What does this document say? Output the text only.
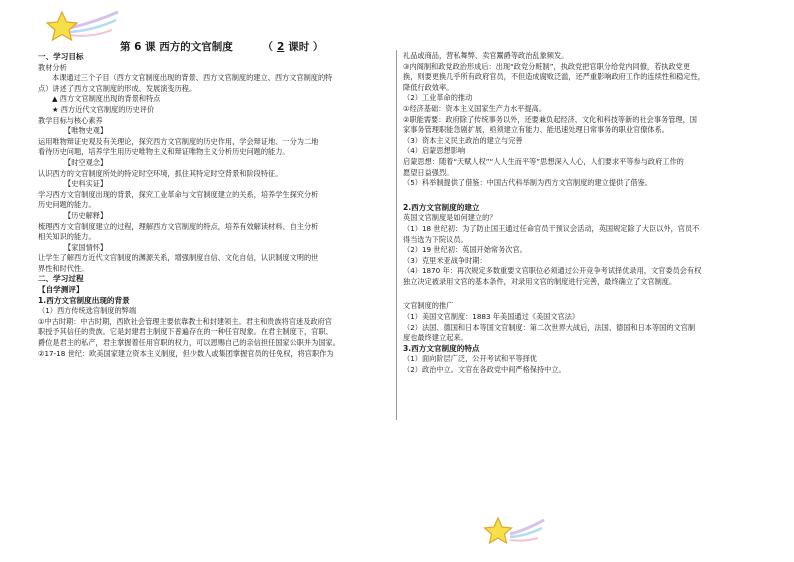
第 6 课 西方的文官制度	（ 2 课时 ）
一、学习目标
教材分析
本课通过三个子目（西方文官制度出现的背景、西方文官制度的建立、西方文官制度的特
点）讲述了西方文官制度的形成、发展演变历程。
▲ 西方文官制度出现的背景和特点
★ 西方近代文官制度的历史评价
教学目标与核心素养
【唯物史观】
运用唯物辩证史观及有关理论，探究西方文官制度的历史作用，学会辩证地、一分为二地
看待历史问题，培养学生用历史唯物主义和辩证唯物主义分析历史问题的能力。
【时空观念】
认识西方的文官制度所处的特定时空环境，抓住其特定时空背景和阶段特征。
【史料实证】
学习西方文官制度出现的背景，探究工业革命与文官制度建立的关系，培养学生探究分析
历史问题的能力。
【历史解释】
梳理西方文官制度建立的过程，理解西方文官制度的特点，培养有效解读材料、自主分析
相关知识的能力。
【家国情怀】
让学生了解西方近代文官制度的渊源关系，增强制度自信、文化自信，认识制度文明的世
界性和时代性。
二、学习过程
【自学测评】
1.西方文官制度出现的背景
（1）西方传统选官制度的弊端
①中古时期：中古时期，西欧社会管理主要依靠教士和封建领主。君主和贵族将官迷及政府官
职授予其信任的贵族。它是封建君主制度下普遍存在的一种任官现象。在君主制度下，官职、
爵位是君主的私产，君主掌握着任用官职的权力，可以恩赐自己的亲信担任国家公职并为国家。
②17-18 世纪：欧美国家建立资本主义制度，但少数人或集团掌握官员的任免权，将官职作为
礼品或商品，营私舞弊、卖官鬻爵等政治乱象频发。
③内阁制和政党政治形成后：出现“政党分赃制”，执政党把官职分给党内同僚，若执政党更
换，则要更换几乎所有政府官员，不但造成腐败泛滥，还严重影响政府工作的连续性和稳定性，
降低行政效率。
（2）工业革命的推动
①经济基础：资本主义国家生产力水平提高。
②职能需要：政府除了传统事务以外，还要兼负起经济、文化和科技等新的社会事务管理，国
家事务管理职能急剧扩展，亟须建立有能力、能迅速处理日常事务的职业官僚体系。
（3）资本主义民主政治的建立与完善
（4）启蒙思想影响
启蒙思想：随着“天赋人权”“人人生而平等”思想深入人心，人们要求平等参与政府工作的
愿望日益强烈。
（5）科举制提供了借鉴：中国古代科举制为西方文官制度的建立提供了借鉴。
2.西方文官制度的建立
英国文官制度是如何建立的？
（1）18 世纪初：为了防止国王通过任命官员干预议会活动，英国规定除了大臣以外，官员不
得当选为下院议员。
（2）19 世纪初：英国开始常务次官。
（3）克里米亚战争时期：
（4）1870 年：再次规定多数重要文官职位必须通过公开竞争考试择优录用，文官委员会有权
独立决定被录用文官的基本条件，对录用文官的制度进行完善，最终确立了文官制度。
文官制度的推广
（1）美国文官制度：1883 年美国通过《美国文官法》
（2）法国、德国和日本等国文官制度：第二次世界大战后，法国、德国和日本等国的文官制
度也最终建立起来。
3.西方文官制度的特点
（1）面向阶层广泛，公开考试和平等择优
（2）政治中立。文官在各政党中间严格保持中立。
